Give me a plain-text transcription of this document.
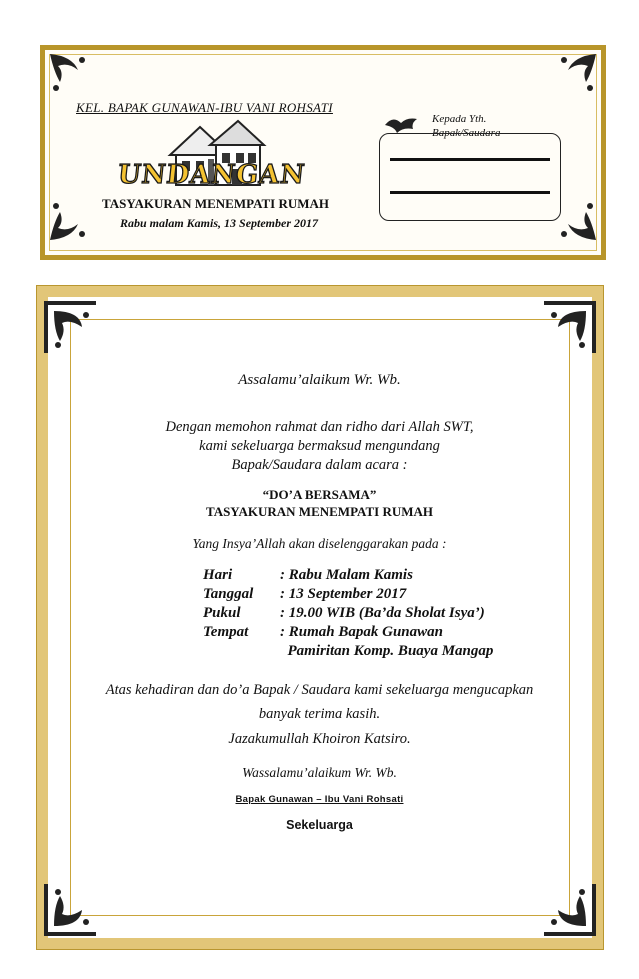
KEL. BAPAK GUNAWAN-IBU VANI ROHSATI
UNDANGAN
TASYAKURAN MENEMPATI RUMAH
Rabu malam Kamis, 13 September 2017
Kepada Yth.
Bapak/Saudara
Assalamu’alaikum Wr. Wb.
Dengan memohon rahmat dan ridho dari Allah SWT,
kami sekeluarga bermaksud mengundang
Bapak/Saudara dalam acara :
“DO’A BERSAMA”
TASYAKURAN MENEMPATI RUMAH
Yang Insya’Allah akan diselenggarakan pada :
Hari	: Rabu Malam Kamis
Tanggal	: 13 September 2017
Pukul	: 19.00 WIB (Ba’da Sholat Isya’)
Tempat	: Rumah Bapak Gunawan
Pamiritan Komp. Buaya Mangap
Atas kehadiran dan do’a Bapak / Saudara kami sekeluarga mengucapkan
banyak terima kasih.
Jazakumullah Khoiron Katsiro.
Wassalamu’alaikum Wr. Wb.
Bapak Gunawan – Ibu Vani Rohsati
Sekeluarga
